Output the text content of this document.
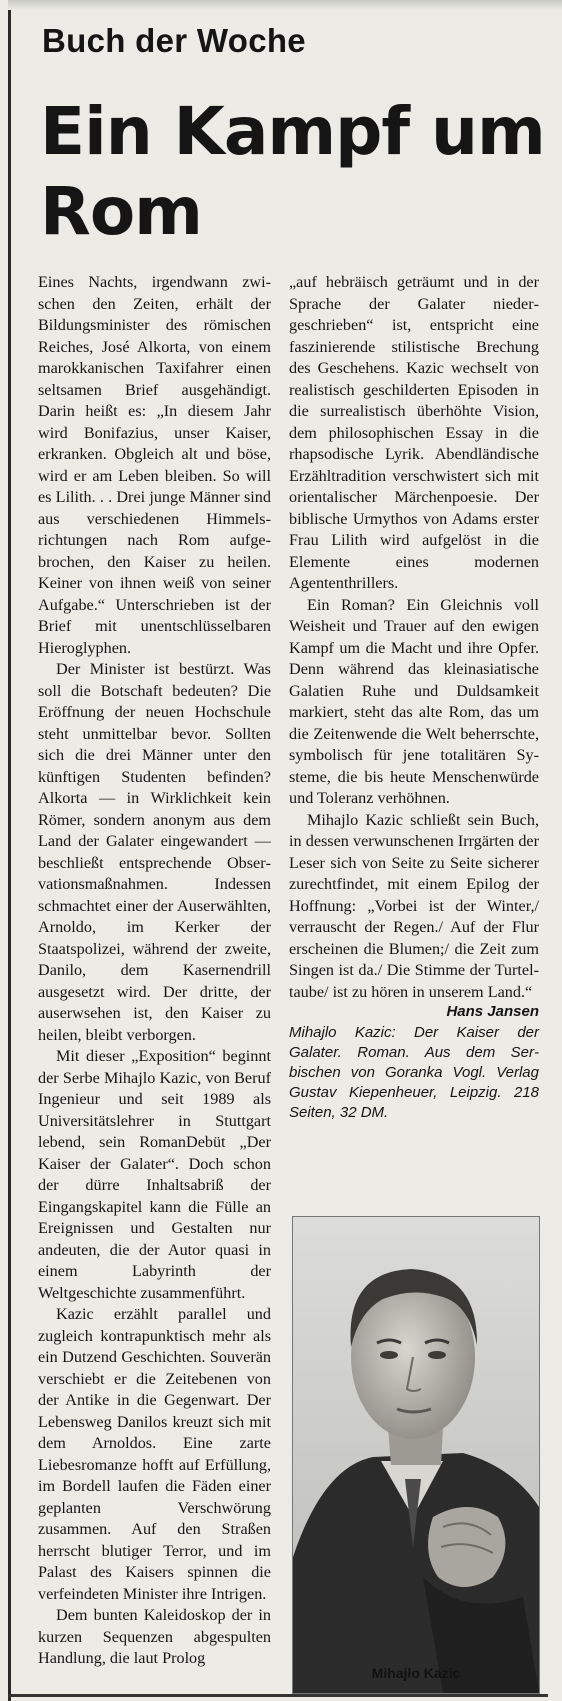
Buch der Woche
Ein Kampf um Rom

Eines Nachts, irgendwann zwischen den Zeiten, erhält der Bildungsminister des römischen Reiches, José Alkorta, von einem marokkanischen Taxifahrer einen seltsamen Brief ausgehändigt. Darin heißt es: „In diesem Jahr wird Bonifazius, unser Kaiser, erkranken. Obgleich alt und böse, wird er am Leben bleiben. So will es Lilith. . . Drei junge Männer sind aus verschiedenen Himmelsrichtungen nach Rom aufgebrochen, den Kaiser zu heilen. Keiner von ihnen weiß von seiner Aufgabe.“ Unterschrieben ist der Brief mit unentschlüsselbaren Hieroglyphen.

Der Minister ist bestürzt. Was soll die Botschaft bedeuten? Die Eröffnung der neuen Hochschule steht unmittelbar bevor. Sollten sich die drei Männer unter den künftigen Studenten befinden? Alkorta — in Wirklichkeit kein Römer, sondern anonym aus dem Land der Galater eingewandert — beschließt entsprechende Observationsmaßnahmen. Indessen schmachtet einer der Auserwählten, Arnoldo, im Kerker der Staatspolizei, während der zweite, Danilo, dem Kasernendrill ausgesetzt wird. Der dritte, der auserwsehen ist, den Kaiser zu heilen, bleibt verborgen.

Mit dieser „Exposition“ beginnt der Serbe Mihajlo Kazic, von Beruf Ingenieur und seit 1989 als Universitätslehrer in Stuttgart lebend, sein RomanDebüt „Der Kaiser der Galater“. Doch schon der dürre Inhaltsabriß der Eingangskapitel kann die Fülle an Ereignissen und Gestalten nur andeuten, die der Autor quasi in einem Labyrinth der Weltgeschichte zusammenführt.

Kazic erzählt parallel und zugleich kontrapunktisch mehr als ein Dutzend Geschichten. Souverän verschiebt er die Zeitebenen von der Antike in die Gegenwart. Der Lebensweg Danilos kreuzt sich mit dem Arnoldos. Eine zarte Liebesromanze hofft auf Erfüllung, im Bordell laufen die Fäden einer geplanten Verschwörung zusammen. Auf den Straßen herrscht blutiger Terror, und im Palast des Kaisers spinnen die verfeindeten Minister ihre Intrigen.

Dem bunten Kaleidoskop der in kurzen Sequenzen abgespulten Handlung, die laut Prolog

„auf hebräisch geträumt und in der Sprache der Galater niedergeschrieben“ ist, entspricht eine faszinierende stilistische Brechung des Geschehens. Kazic wechselt von realistisch geschilderten Episoden in die surrealistisch überhöhte Vision, dem philosophischen Essay in die rhapsodische Lyrik. Abendländische Erzähltradition verschwistert sich mit orientalischer Märchenpoesie. Der biblische Urmythos von Adams erster Frau Lilith wird aufgelöst in die Elemente eines modernen Agententhrillers.

Ein Roman? Ein Gleichnis voll Weisheit und Trauer auf den ewigen Kampf um die Macht und ihre Opfer. Denn während das kleinasiatische Galatien Ruhe und Duldsamkeit markiert, steht das alte Rom, das um die Zeitenwende die Welt beherrschte, symbolisch für jene totalitären Systeme, die bis heute Menschenwürde und Toleranz verhöhnen.

Mihajlo Kazic schließt sein Buch, in dessen verwunschenen Irrgärten der Leser sich von Seite zu Seite sicherer zurechtfindet, mit einem Epilog der Hoffnung: „Vorbei ist der Winter,/ verrauscht der Regen./ Auf der Flur erscheinen die Blumen;/ die Zeit zum Singen ist da./ Die Stimme der Turteltaube/ ist zu hören in unserem Land.“

Hans Jansen
Mihajlo Kazic: Der Kaiser der Galater. Roman. Aus dem Serbischen von Goranka Vogl. Verlag Gustav Kiepenheuer, Leipzig. 218 Seiten, 32 DM.
Mihajlo Kazic
